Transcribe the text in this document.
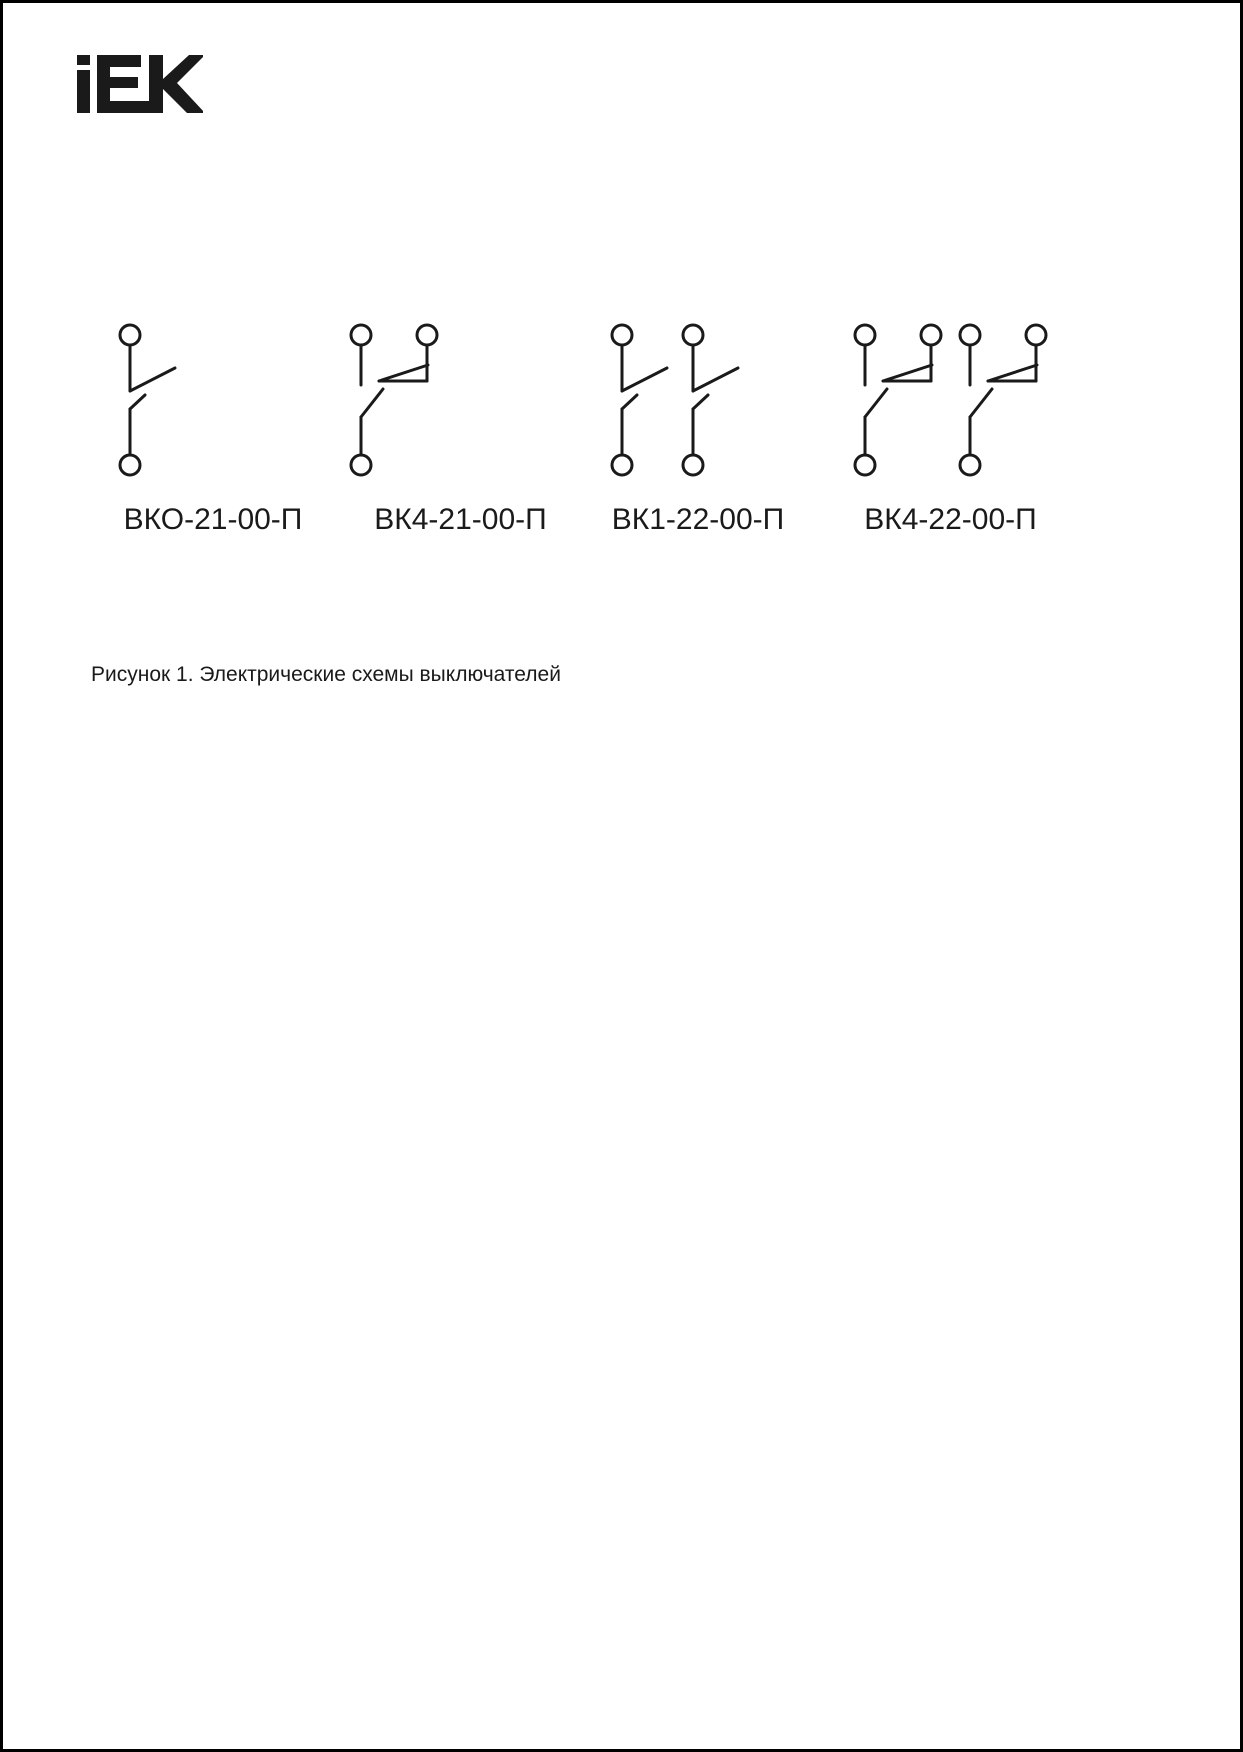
ВКО-21-00-П	ВК4-21-00-П	ВК1-22-00-П	ВК4-22-00-П
Рисунок 1. Электрические схемы выключателей
